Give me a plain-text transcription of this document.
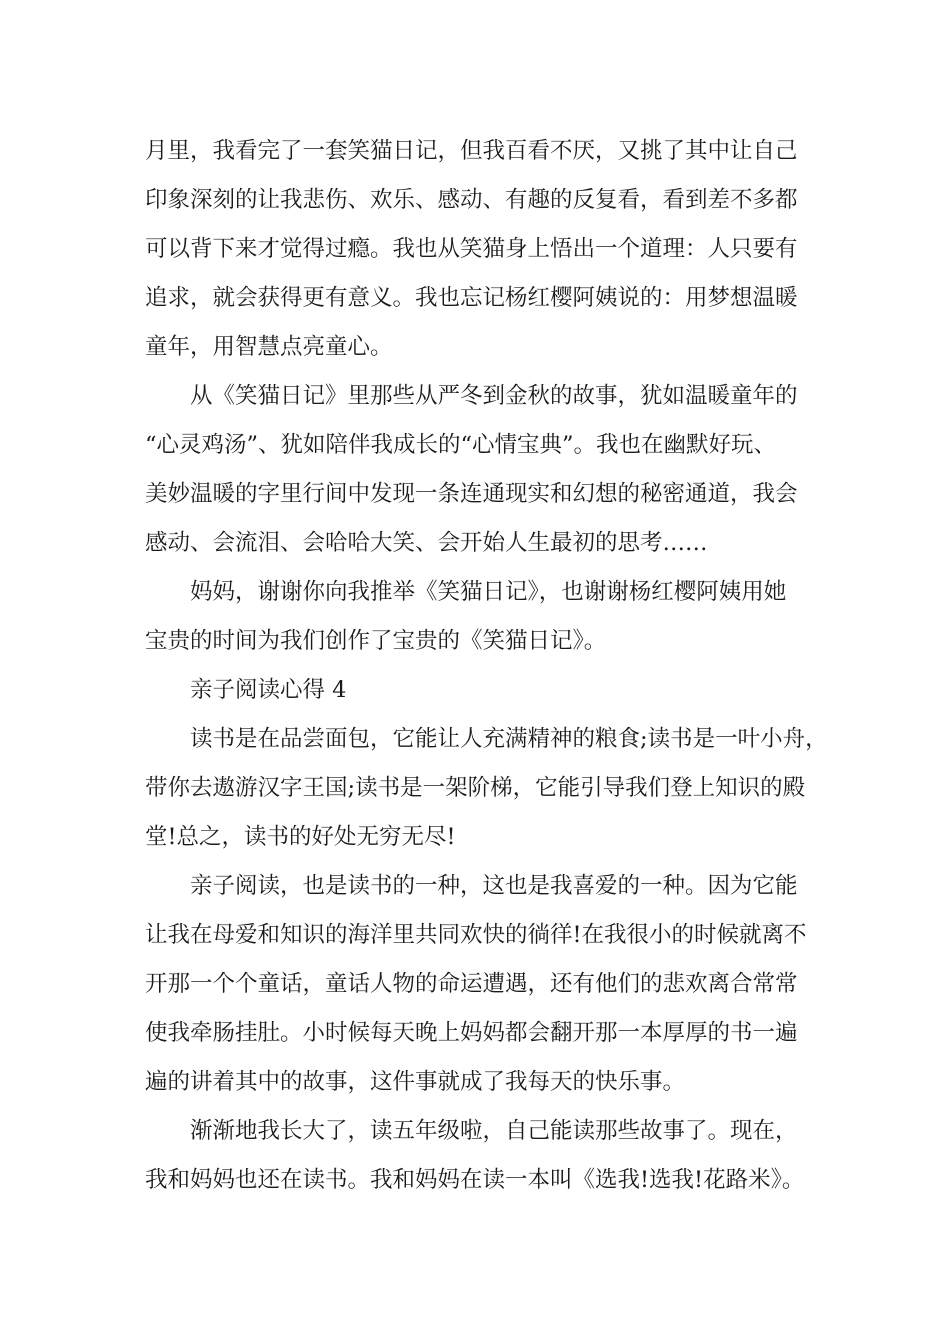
月里，我看完了一套笑猫日记，但我百看不厌，又挑了其中让自己
印象深刻的让我悲伤、欢乐、感动、有趣的反复看，看到差不多都
可以背下来才觉得过瘾。我也从笑猫身上悟出一个道理：人只要有
追求，就会获得更有意义。我也忘记杨红樱阿姨说的：用梦想温暖
童年，用智慧点亮童心。
从《笑猫日记》里那些从严冬到金秋的故事，犹如温暖童年的
“心灵鸡汤”、犹如陪伴我成长的“心情宝典”。我也在幽默好玩、
美妙温暖的字里行间中发现一条连通现实和幻想的秘密通道，我会
感动、会流泪、会哈哈大笑、会开始人生最初的思考……
妈妈，谢谢你向我推举《笑猫日记》，也谢谢杨红樱阿姨用她
宝贵的时间为我们创作了宝贵的《笑猫日记》。
亲子阅读心得 4
读书是在品尝面包，它能让人充满精神的粮食;读书是一叶小舟，
带你去遨游汉字王国;读书是一架阶梯，它能引导我们登上知识的殿
堂!总之，读书的好处无穷无尽!
亲子阅读，也是读书的一种，这也是我喜爱的一种。因为它能
让我在母爱和知识的海洋里共同欢快的徜徉!在我很小的时候就离不
开那一个个童话，童话人物的命运遭遇，还有他们的悲欢离合常常
使我牵肠挂肚。小时候每天晚上妈妈都会翻开那一本厚厚的书一遍
遍的讲着其中的故事，这件事就成了我每天的快乐事。
渐渐地我长大了，读五年级啦，自己能读那些故事了。现在，
我和妈妈也还在读书。我和妈妈在读一本叫《选我!选我!花路米》。
